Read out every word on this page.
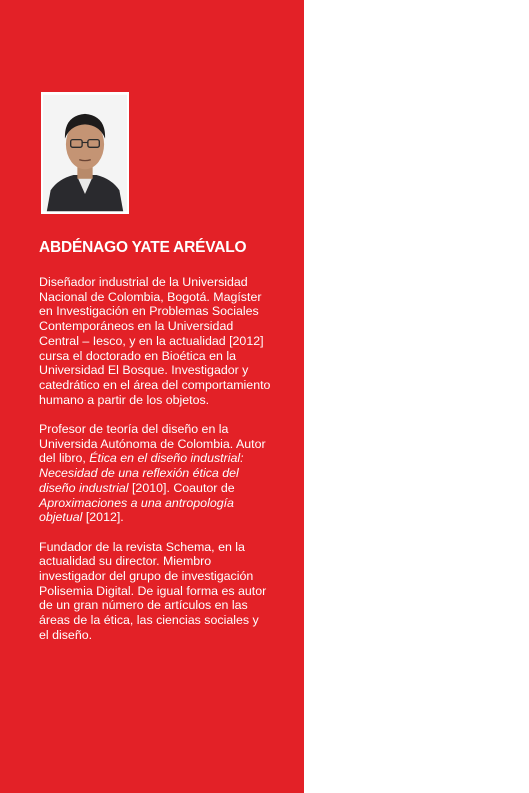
ABDÉNAGO YATE ARÉVALO

Diseñador industrial de la Universidad Nacional de Colombia, Bogotá. Magíster en Investigación en Problemas Sociales Contemporáneos en la Universidad Central – Iesco, y en la actualidad [2012] cursa el doctorado en Bioética en la Universidad El Bosque. Investigador y catedrático en el área del comportamiento humano a partir de los objetos.

Profesor de teoría del diseño en la Universida Autónoma de Colombia. Autor del libro, Ética en el diseño industrial: Necesidad de una reflexión ética del diseño industrial [2010]. Coautor de Aproximaciones a una antropología objetual [2012].

Fundador de la revista Schema, en la actualidad su director. Miembro investigador del grupo de investigación Polisemia Digital. De igual forma es autor de un gran número de artículos en las áreas de la ética, las ciencias sociales y el diseño.
